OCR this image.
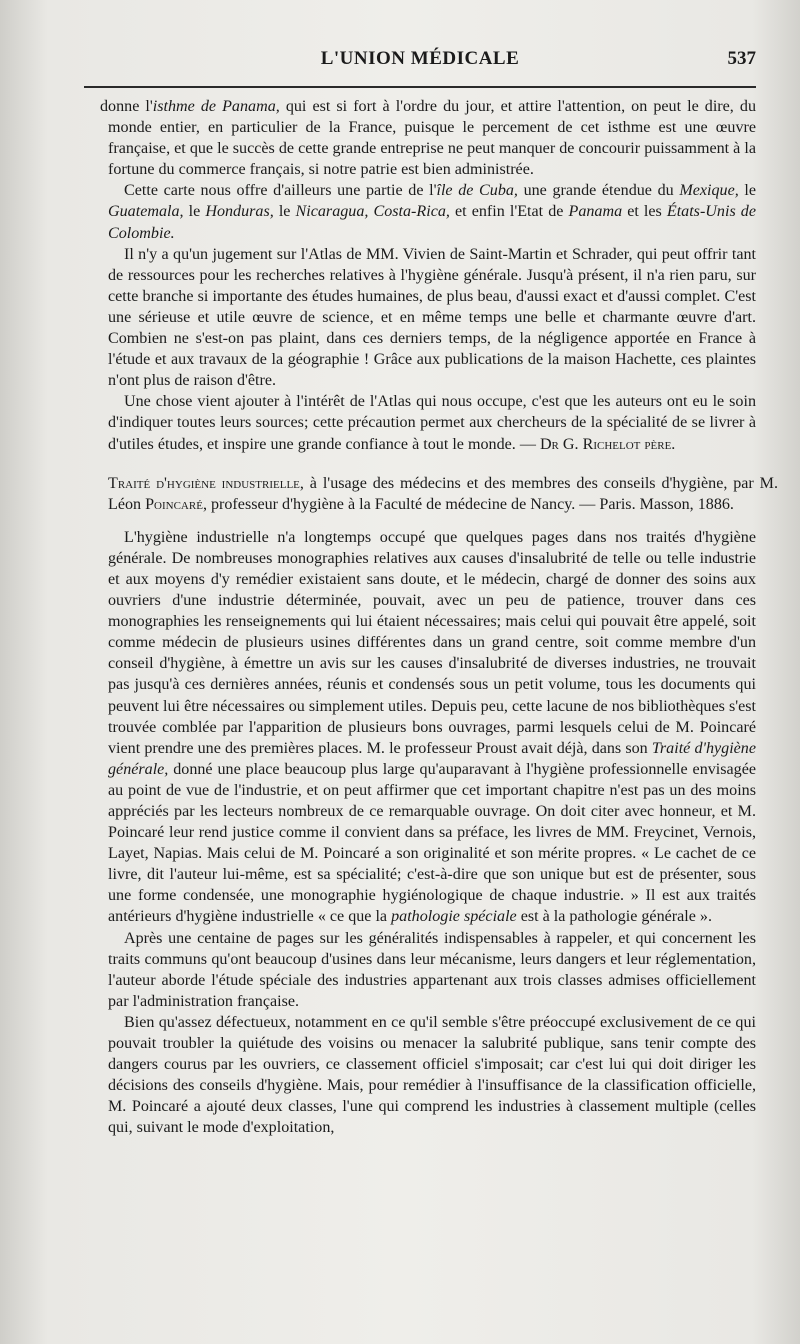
L'UNION MÉDICALE	537

donne l'isthme de Panama, qui est si fort à l'ordre du jour, et attire l'attention, on peut le dire, du monde entier, en particulier de la France, puisque le percement de cet isthme est une œuvre française, et que le succès de cette grande entreprise ne peut manquer de concourir puissamment à la fortune du commerce français, si notre patrie est bien administrée.

Cette carte nous offre d'ailleurs une partie de l'île de Cuba, une grande étendue du Mexique, le Guatemala, le Honduras, le Nicaragua, Costa-Rica, et enfin l'Etat de Panama et les États-Unis de Colombie.

Il n'y a qu'un jugement sur l'Atlas de MM. Vivien de Saint-Martin et Schrader, qui peut offrir tant de ressources pour les recherches relatives à l'hygiène générale. Jusqu'à présent, il n'a rien paru, sur cette branche si importante des études humaines, de plus beau, d'aussi exact et d'aussi complet. C'est une sérieuse et utile œuvre de science, et en même temps une belle et charmante œuvre d'art. Combien ne s'est-on pas plaint, dans ces derniers temps, de la négligence apportée en France à l'étude et aux travaux de la géographie ! Grâce aux publications de la maison Hachette, ces plaintes n'ont plus de raison d'être.

Une chose vient ajouter à l'intérêt de l'Atlas qui nous occupe, c'est que les auteurs ont eu le soin d'indiquer toutes leurs sources; cette précaution permet aux chercheurs de la spécialité de se livrer à d'utiles études, et inspire une grande confiance à tout le monde. — Dr G. Richelot père.

Traité d'hygiène industrielle, à l'usage des médecins et des membres des conseils d'hygiène, par M. Léon Poincaré, professeur d'hygiène à la Faculté de médecine de Nancy. — Paris. Masson, 1886.

L'hygiène industrielle n'a longtemps occupé que quelques pages dans nos traités d'hygiène générale. De nombreuses monographies relatives aux causes d'insalubrité de telle ou telle industrie et aux moyens d'y remédier existaient sans doute, et le médecin, chargé de donner des soins aux ouvriers d'une industrie déterminée, pouvait, avec un peu de patience, trouver dans ces monographies les renseignements qui lui étaient nécessaires; mais celui qui pouvait être appelé, soit comme médecin de plusieurs usines différentes dans un grand centre, soit comme membre d'un conseil d'hygiène, à émettre un avis sur les causes d'insalubrité de diverses industries, ne trouvait pas jusqu'à ces dernières années, réunis et condensés sous un petit volume, tous les documents qui peuvent lui être nécessaires ou simplement utiles. Depuis peu, cette lacune de nos bibliothèques s'est trouvée comblée par l'apparition de plusieurs bons ouvrages, parmi lesquels celui de M. Poincaré vient prendre une des premières places. M. le professeur Proust avait déjà, dans son Traité d'hygiène générale, donné une place beaucoup plus large qu'auparavant à l'hygiène professionnelle envisagée au point de vue de l'industrie, et on peut affirmer que cet important chapitre n'est pas un des moins appréciés par les lecteurs nombreux de ce remarquable ouvrage. On doit citer avec honneur, et M. Poincaré leur rend justice comme il convient dans sa préface, les livres de MM. Freycinet, Vernois, Layet, Napias. Mais celui de M. Poincaré a son originalité et son mérite propres. « Le cachet de ce livre, dit l'auteur lui-même, est sa spécialité; c'est-à-dire que son unique but est de présenter, sous une forme condensée, une monographie hygiénologique de chaque industrie. » Il est aux traités antérieurs d'hygiène industrielle « ce que la pathologie spéciale est à la pathologie générale ».

Après une centaine de pages sur les généralités indispensables à rappeler, et qui concernent les traits communs qu'ont beaucoup d'usines dans leur mécanisme, leurs dangers et leur réglementation, l'auteur aborde l'étude spéciale des industries appartenant aux trois classes admises officiellement par l'administration française.

Bien qu'assez défectueux, notamment en ce qu'il semble s'être préoccupé exclusivement de ce qui pouvait troubler la quiétude des voisins ou menacer la salubrité publique, sans tenir compte des dangers courus par les ouvriers, ce classement officiel s'imposait; car c'est lui qui doit diriger les décisions des conseils d'hygiène. Mais, pour remédier à l'insuffisance de la classification officielle, M. Poincaré a ajouté deux classes, l'une qui comprend les industries à classement multiple (celles qui, suivant le mode d'exploitation,
